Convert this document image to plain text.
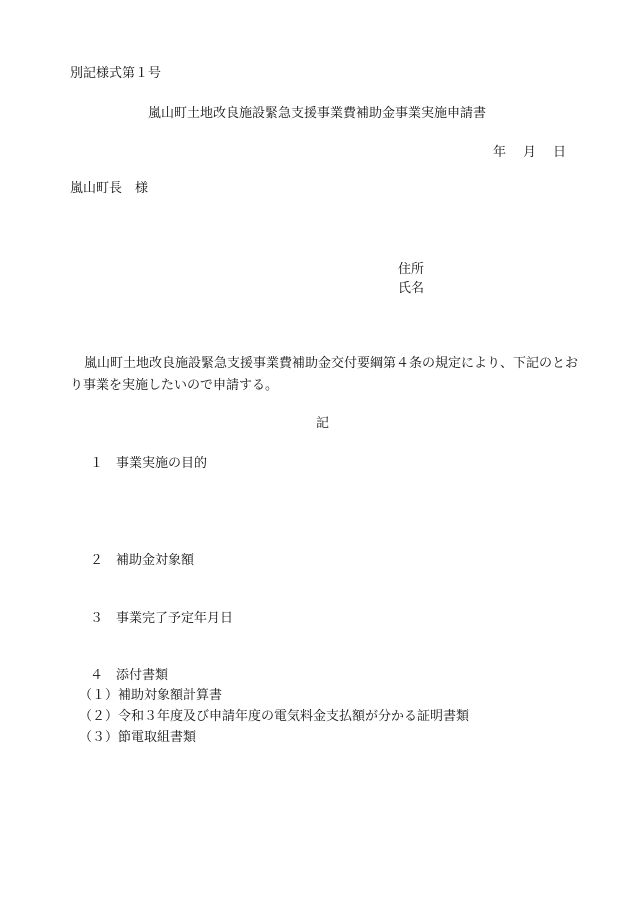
別記様式第１号
嵐山町土地改良施設緊急支援事業費補助金事業実施申請書
年　月　日
嵐山町長　様
住所
氏名
嵐山町土地改良施設緊急支援事業費補助金交付要綱第４条の規定により、下記のとおり事業を実施したいので申請する。
記
１　事業実施の目的
２　補助金対象額
３　事業完了予定年月日
４　添付書類
（１）補助対象額計算書
（２）令和３年度及び申請年度の電気料金支払額が分かる証明書類
（３）節電取組書類
